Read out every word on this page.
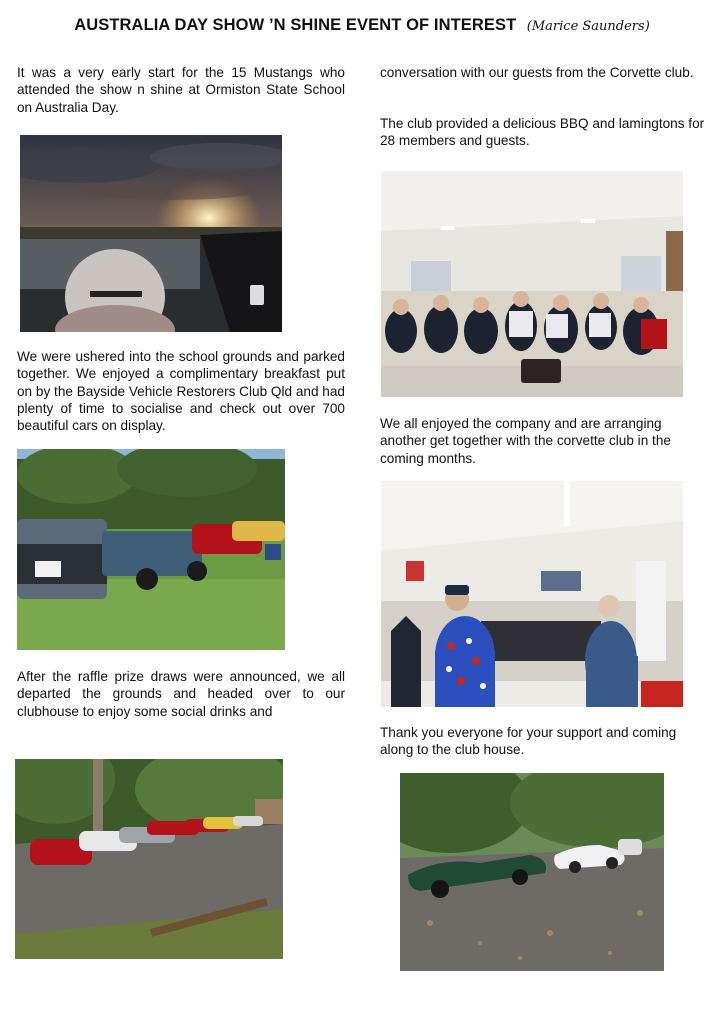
AUSTRALIA DAY SHOW ’N SHINE EVENT OF INTEREST (Marice Saunders)

It was a very early start for the 15 Mustangs who attended the show n shine at Ormiston State School on Australia Day.

We were ushered into the school grounds and parked together. We enjoyed a complimentary breakfast put on by the Bayside Vehicle Restorers Club Qld and had plenty of time to socialise and check out over 700 beautiful cars on display.

After the raffle prize draws were announced, we all departed the grounds and headed over to our clubhouse to enjoy some social drinks and

conversation with our guests from the Corvette club.

The club provided a delicious BBQ and lamingtons for 28 members and guests.

We all enjoyed the company and are arranging another get together with the corvette club in the coming months.

Thank you everyone for your support and coming along to the club house.
